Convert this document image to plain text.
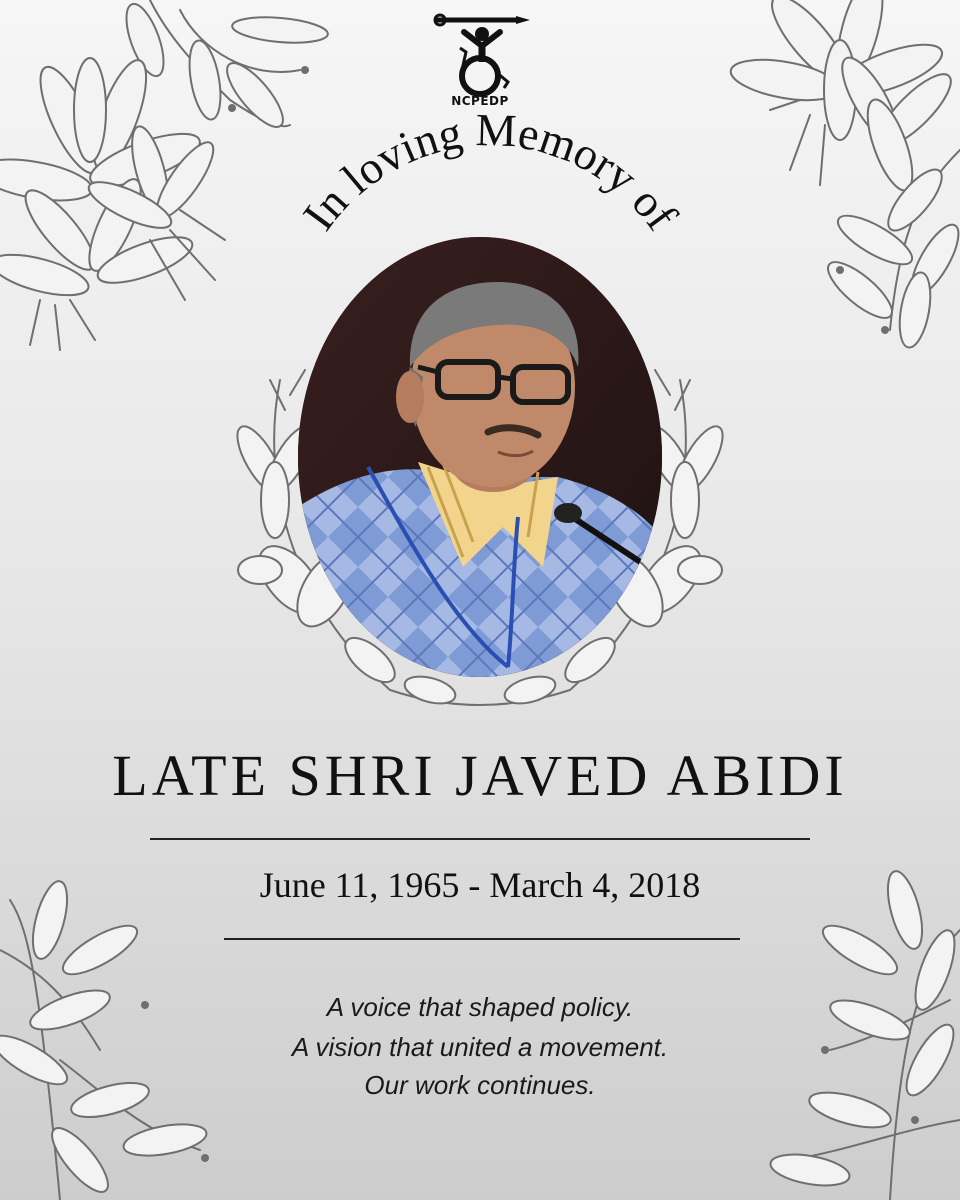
NCPEDP
In loving Memory of
LATE SHRI JAVED ABIDI
June 11, 1965 - March 4, 2018
A voice that shaped policy.
A vision that united a movement.
Our work continues.
